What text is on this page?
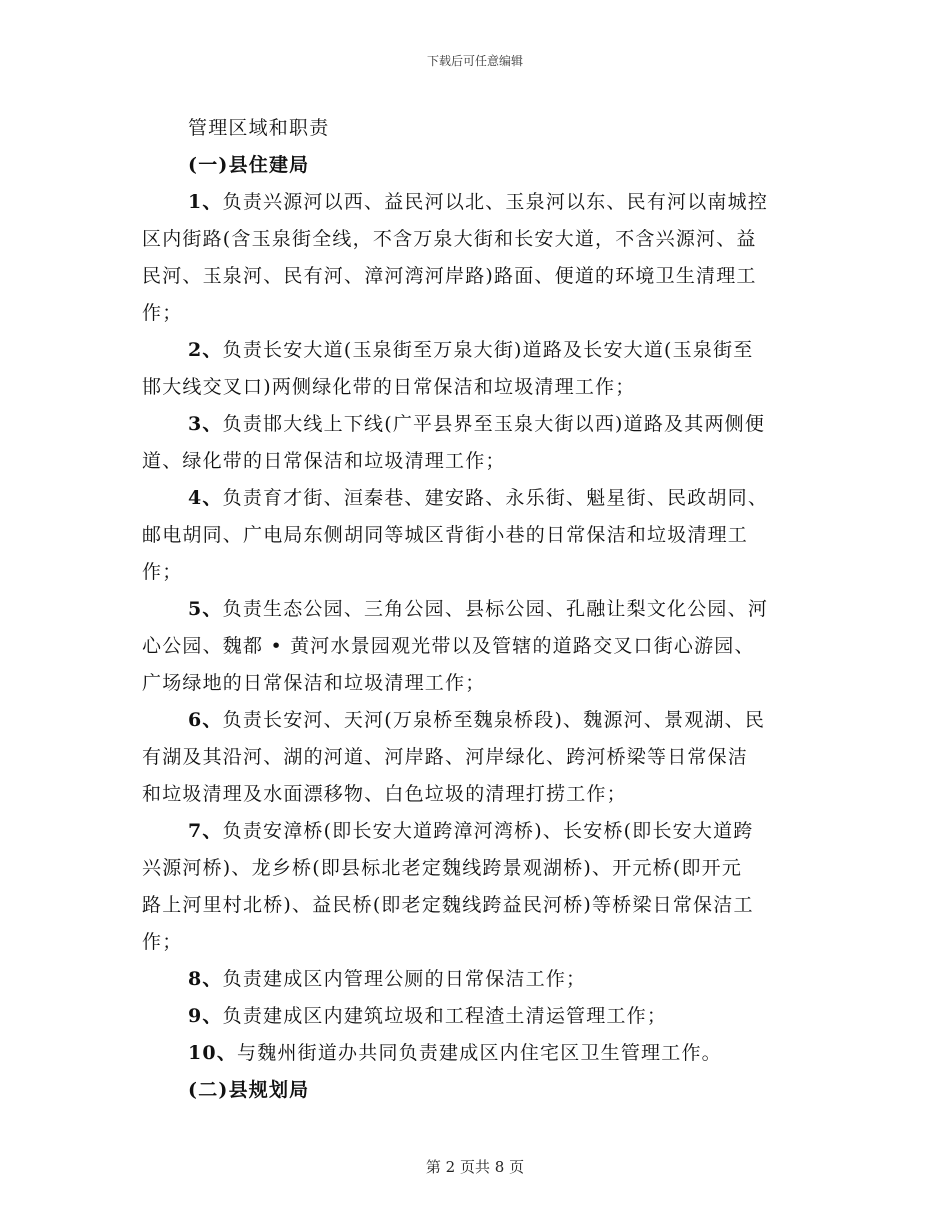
下载后可任意编辑
管理区域和职责
(一)县住建局
1、负责兴源河以西、益民河以北、玉泉河以东、民有河以南城控
区内街路(含玉泉街全线，不含万泉大街和长安大道，不含兴源河、益
民河、玉泉河、民有河、漳河湾河岸路)路面、便道的环境卫生清理工
作；
2、负责长安大道(玉泉街至万泉大街)道路及长安大道(玉泉街至
邯大线交叉口)两侧绿化带的日常保洁和垃圾清理工作；
3、负责邯大线上下线(广平县界至玉泉大街以西)道路及其两侧便
道、绿化带的日常保洁和垃圾清理工作；
4、负责育才街、洹秦巷、建安路、永乐街、魁星街、民政胡同、
邮电胡同、广电局东侧胡同等城区背街小巷的日常保洁和垃圾清理工
作；
5、负责生态公园、三角公园、县标公园、孔融让梨文化公园、河
心公园、魏都 • 黄河水景园观光带以及管辖的道路交叉口街心游园、
广场绿地的日常保洁和垃圾清理工作；
6、负责长安河、天河(万泉桥至魏泉桥段)、魏源河、景观湖、民
有湖及其沿河、湖的河道、河岸路、河岸绿化、跨河桥梁等日常保洁
和垃圾清理及水面漂移物、白色垃圾的清理打捞工作；
7、负责安漳桥(即长安大道跨漳河湾桥)、长安桥(即长安大道跨
兴源河桥)、龙乡桥(即县标北老定魏线跨景观湖桥)、开元桥(即开元
路上河里村北桥)、益民桥(即老定魏线跨益民河桥)等桥梁日常保洁工
作；
8、负责建成区内管理公厕的日常保洁工作；
9、负责建成区内建筑垃圾和工程渣土清运管理工作；
10、与魏州街道办共同负责建成区内住宅区卫生管理工作。
(二)县规划局
第 2 页共 8 页
